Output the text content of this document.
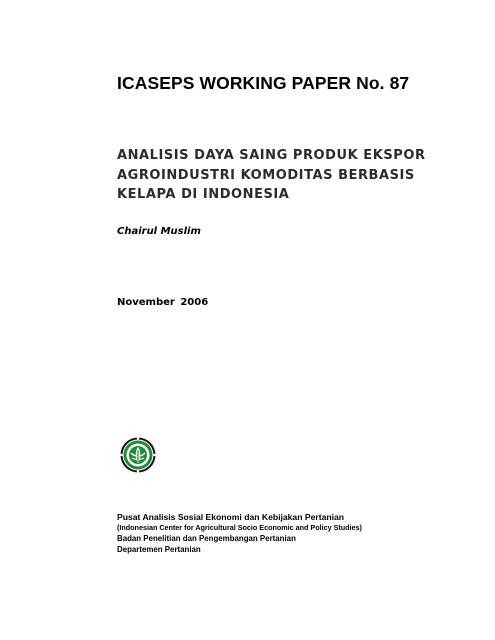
ICASEPS WORKING PAPER No. 87
ANALISIS DAYA SAING PRODUK EKSPOR
AGROINDUSTRI KOMODITAS BERBASIS
KELAPA DI INDONESIA
Chairul Muslim
November 2006
Pusat Analisis Sosial Ekonomi dan Kebijakan Pertanian
(Indonesian Center for Agricultural Socio Economic and Policy Studies)
Badan Penelitian dan Pengembangan Pertanian
Departemen Pertanian
